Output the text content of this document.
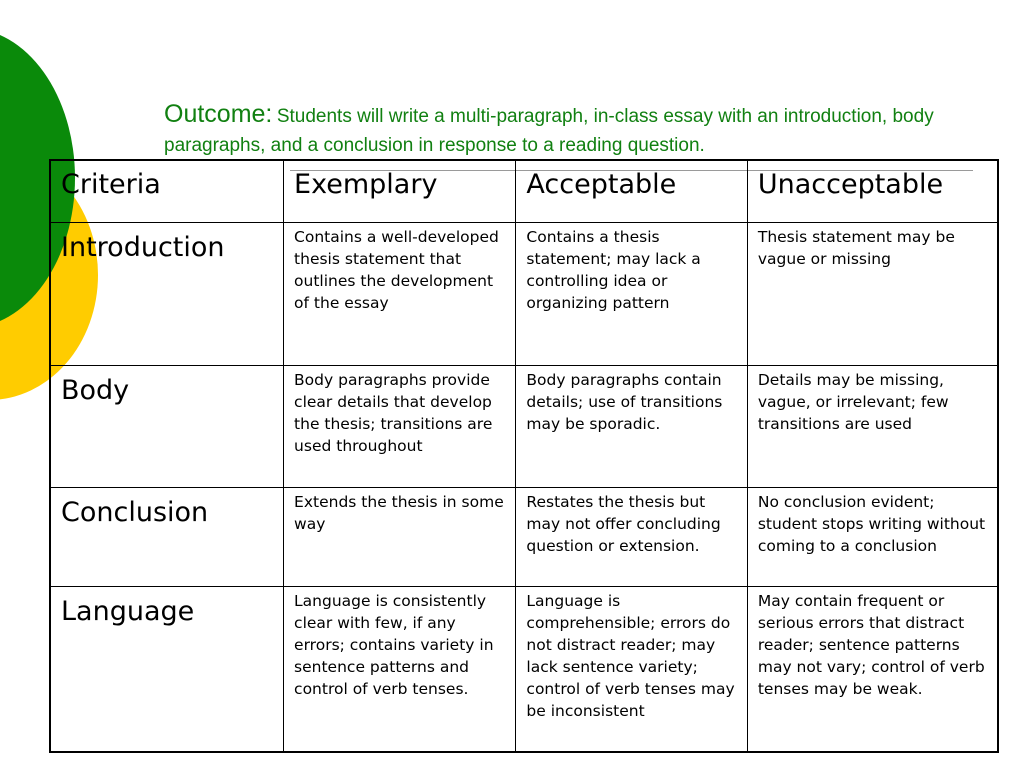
Outcome: Students will write a multi-paragraph, in-class essay with an introduction, body paragraphs, and a conclusion in response to a reading question.
Criteria	Exemplary	Acceptable	Unacceptable
Introduction	Contains a well-developed thesis statement that outlines the development of the essay	Contains a thesis statement; may lack a controlling idea or organizing pattern	Thesis statement may be vague or missing
Body	Body paragraphs provide clear details that develop the thesis; transitions are used throughout	Body paragraphs contain details; use of transitions may be sporadic.	Details may be missing, vague, or irrelevant; few transitions are used
Conclusion	Extends the thesis in some way	Restates the thesis but may not offer concluding question or extension.	No conclusion evident; student stops writing without coming to a conclusion
Language	Language is consistently clear with few, if any errors; contains variety in sentence patterns and control of verb tenses.	Language is comprehensible; errors do not distract reader; may lack sentence variety; control of verb tenses may be inconsistent	May contain frequent or serious errors that distract reader; sentence patterns may not vary; control of verb tenses may be weak.
